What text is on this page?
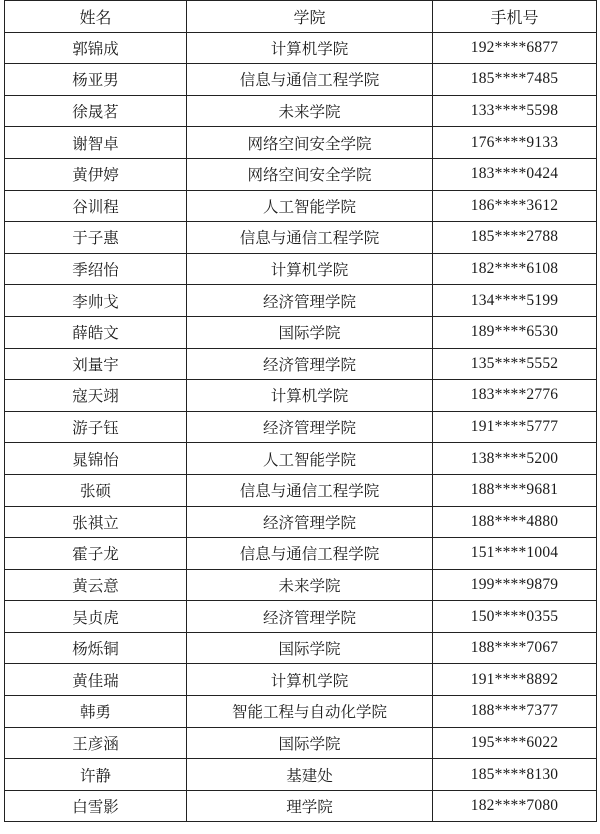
姓名	学院	手机号
郭锦成	计算机学院	192****6877
杨亚男	信息与通信工程学院	185****7485
徐晟茗	未来学院	133****5598
谢智卓	网络空间安全学院	176****9133
黄伊婷	网络空间安全学院	183****0424
谷训程	人工智能学院	186****3612
于子惠	信息与通信工程学院	185****2788
季绍怡	计算机学院	182****6108
李帅戈	经济管理学院	134****5199
薛皓文	国际学院	189****6530
刘量宇	经济管理学院	135****5552
寇天翊	计算机学院	183****2776
游子钰	经济管理学院	191****5777
晁锦怡	人工智能学院	138****5200
张硕	信息与通信工程学院	188****9681
张祺立	经济管理学院	188****4880
霍子龙	信息与通信工程学院	151****1004
黄云意	未来学院	199****9879
吴贞虎	经济管理学院	150****0355
杨烁铜	国际学院	188****7067
黄佳瑞	计算机学院	191****8892
韩勇	智能工程与自动化学院	188****7377
王彦涵	国际学院	195****6022
许静	基建处	185****8130
白雪影	理学院	182****7080
